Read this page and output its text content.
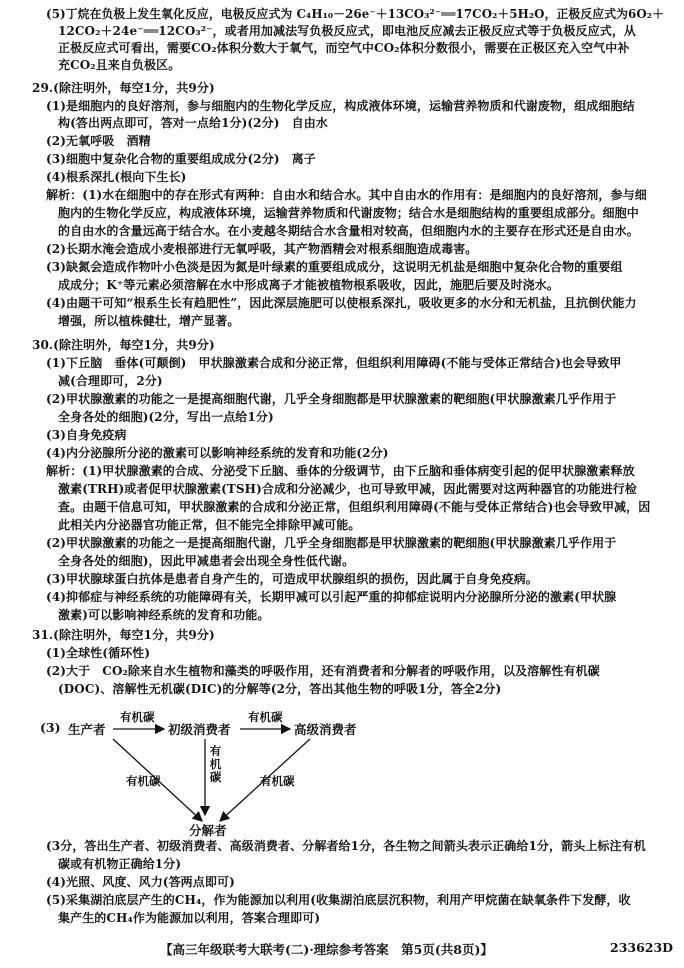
(5)丁烷在负极上发生氧化反应，电极反应式为 C₄H₁₀－26e⁻＋13CO₃²⁻══17CO₂＋5H₂O，正极反应式为6O₂＋
12CO₂＋24e⁻══12CO₃²⁻，或者用加减法写负极反应式，即电池反应减去正极反应式等于负极反应式，从
正极反应式可看出，需要CO₂体积分数大于氧气，而空气中CO₂体积分数很小，需要在正极区充入空气中补
充CO₂且来自负极区。
29.(除注明外，每空1分，共9分)
(1)是细胞内的良好溶剂，参与细胞内的生物化学反应，构成液体环境，运输营养物质和代谢废物，组成细胞结
构(答出两点即可，答对一点给1分)(2分)　自由水
(2)无氧呼吸　酒精
(3)细胞中复杂化合物的重要组成成分(2分)　离子
(4)根系深扎(根向下生长)
解析：(1)水在细胞中的存在形式有两种：自由水和结合水。其中自由水的作用有：是细胞内的良好溶剂，参与细
胞内的生物化学反应，构成液体环境，运输营养物质和代谢废物；结合水是细胞结构的重要组成部分。细胞中
的自由水的含量远高于结合水。在小麦越冬期结合水含量相对较高，但细胞内水的主要存在形式还是自由水。
(2)长期水淹会造成小麦根部进行无氧呼吸，其产物酒精会对根系细胞造成毒害。
(3)缺氮会造成作物叶小色淡是因为氮是叶绿素的重要组成成分，这说明无机盐是细胞中复杂化合物的重要组
成成分；K⁺等元素必须溶解在水中形成离子才能被植物根系吸收，因此，施肥后要及时浇水。
(4)由题干可知“根系生长有趋肥性”，因此深层施肥可以使根系深扎，吸收更多的水分和无机盐，且抗倒伏能力
增强，所以植株健壮，增产显著。
30.(除注明外，每空1分，共9分)
(1)下丘脑　垂体(可颠倒)　甲状腺激素合成和分泌正常，但组织利用障碍(不能与受体正常结合)也会导致甲
减(合理即可，2分)
(2)甲状腺激素的功能之一是提高细胞代谢，几乎全身细胞都是甲状腺激素的靶细胞(甲状腺激素几乎作用于
全身各处的细胞)(2分，写出一点给1分)
(3)自身免疫病
(4)内分泌腺所分泌的激素可以影响神经系统的发育和功能(2分)
解析：(1)甲状腺激素的合成、分泌受下丘脑、垂体的分级调节，由下丘脑和垂体病变引起的促甲状腺激素释放
激素(TRH)或者促甲状腺激素(TSH)合成和分泌减少，也可导致甲减，因此需要对这两种器官的功能进行检
查。由题干信息可知，甲状腺激素的合成和分泌正常，但组织利用障碍(不能与受体正常结合)也会导致甲减，因
此相关内分泌器官功能正常，但不能完全排除甲减可能。
(2)甲状腺激素的功能之一是提高细胞代谢，几乎全身细胞都是甲状腺激素的靶细胞(甲状腺激素几乎作用于
全身各处的细胞)，因此甲减患者会出现全身性低代谢。
(3)甲状腺球蛋白抗体是患者自身产生的，可造成甲状腺组织的损伤，因此属于自身免疫病。
(4)抑郁症与神经系统的功能障碍有关，长期甲减可以引起严重的抑郁症说明内分泌腺所分泌的激素(甲状腺
激素)可以影响神经系统的发育和功能。
31.(除注明外，每空1分，共9分)
(1)全球性(循环性)
(2)大于　CO₂除来自水生植物和藻类的呼吸作用，还有消费者和分解者的呼吸作用，以及溶解性有机碳
(DOC)、溶解性无机碳(DIC)的分解等(2分，答出其他生物的呼吸1分，答全2分)
(3) 生产者	初级消费者	高级消费者
分解者
有机碳	有机碳
有机碳	有机碳
有机碳
(3分，答出生产者、初级消费者、高级消费者、分解者给1分，各生物之间箭头表示正确给1分，箭头上标注有机
碳或有机物正确给1分)
(4)光照、风度、风力(答两点即可)
(5)采集湖泊底层产生的CH₄，作为能源加以利用(收集湖泊底层沉积物，利用产甲烷菌在缺氧条件下发酵，收
集产生的CH₄作为能源加以利用，答案合理即可)
【高三年级联考大联考(二)·理综参考答案　第5页(共8页)】	233623D
